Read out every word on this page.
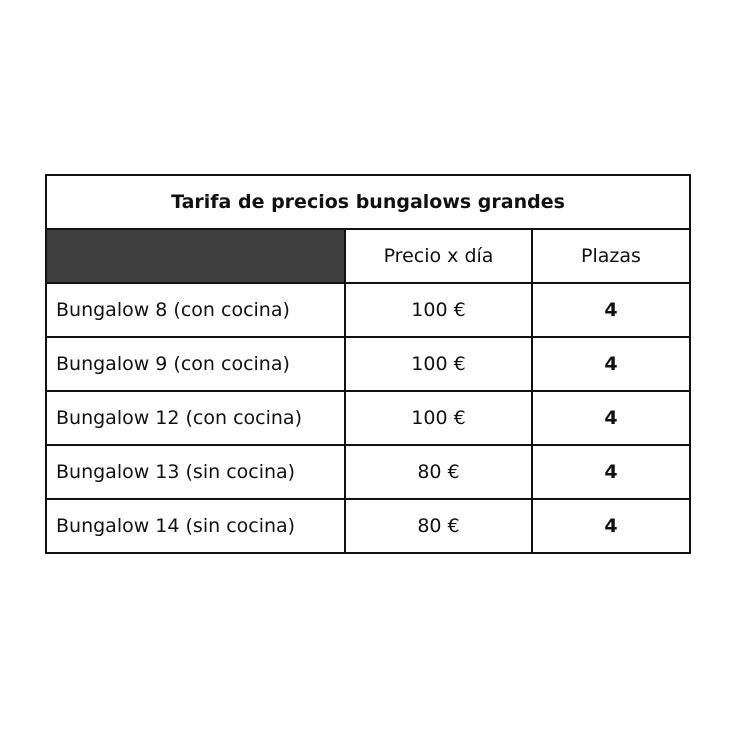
Tarifa de precios bungalows grandes		
	Precio x día	Plazas
Bungalow 8 (con cocina)	100 €	4
Bungalow 9 (con cocina)	100 €	4
Bungalow 12 (con cocina)	100 €	4
Bungalow 13 (sin cocina)	80 €	4
Bungalow 14 (sin cocina)	80 €	4
